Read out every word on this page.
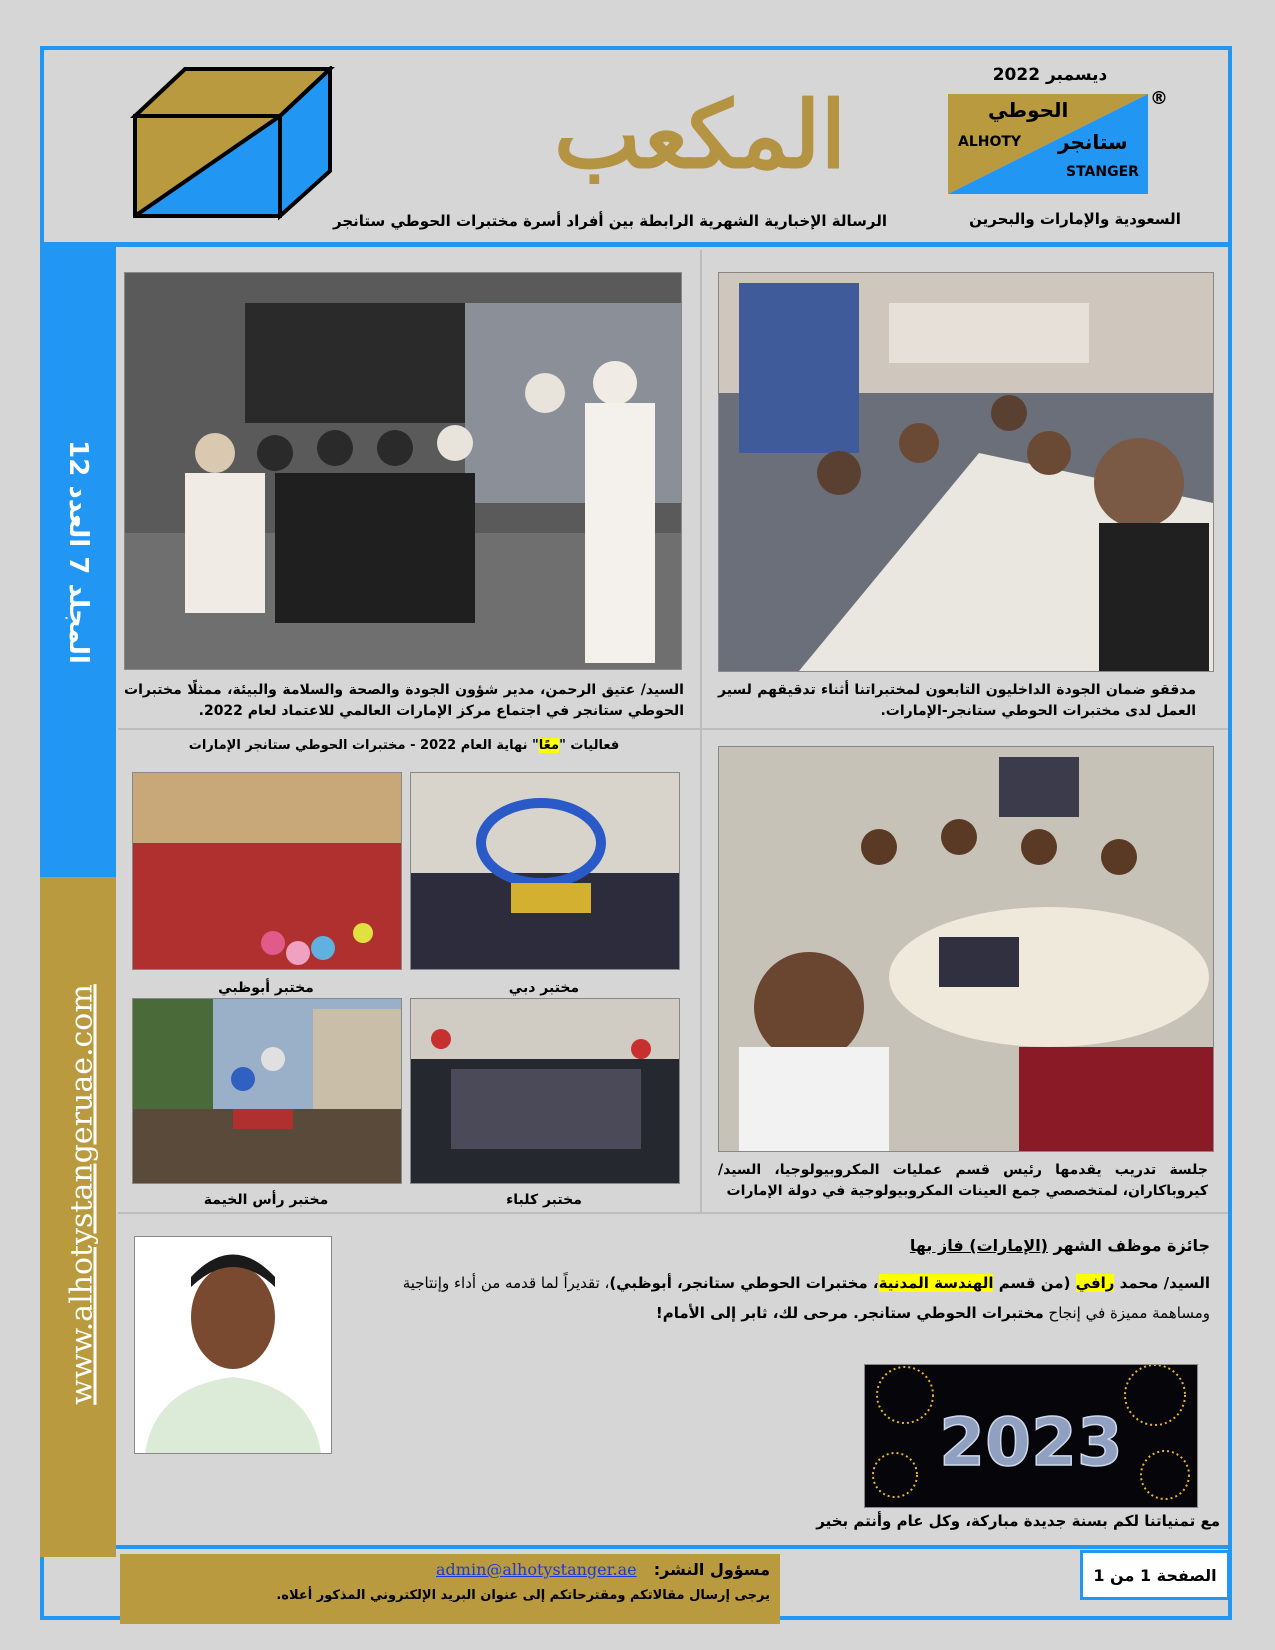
المكعب
الرسالة الإخبارية الشهرية الرابطة بين أفراد أسرة مختبرات الحوطي ستانجر
ديسمبر 2022
السعودية والإمارات والبحرين
الحوطي
ALHOTY ستانجر
STANGER
®
المجلد 7 العدد 12
www.alhotystangeruae.com
مدققو ضمان الجودة الداخليون التابعون لمختبراتنا أثناء تدقيقهم لسير العمل لدى مختبرات الحوطي ستانجر-الإمارات.
السيد/ عتيق الرحمن، مدير شؤون الجودة والصحة والسلامة والبيئة، ممثلًا مختبرات الحوطي ستانجر في اجتماع مركز الإمارات العالمي للاعتماد لعام 2022.
جلسة تدريب يقدمها رئيس قسم عمليات المكروبيولوجيا، السيد/ كيروباكاران، لمتخصصي جمع العينات المكروبيولوجية في دولة الإمارات
فعاليات "معًا" نهاية العام 2022 - مختبرات الحوطي ستانجر الإمارات
مختبر أبوظبي	مختبر دبي
مختبر رأس الخيمة	مختبر كلباء
جائزة موظف الشهر (الإمارات) فاز بها
السيد/ محمد رافي (من قسم الهندسة المدنية، مختبرات الحوطي ستانجر، أبوظبي)، تقديراً لما قدمه من أداء وإنتاجية
ومساهمة مميزة في إنجاح مختبرات الحوطي ستانجر. مرحى لك، ثابر إلى الأمام!
2023
مع تمنياتنا لكم بسنة جديدة مباركة، وكل عام وأنتم بخير
مسؤول النشر: admin@alhotystanger.ae
يرجى إرسال مقالاتكم ومقترحاتكم إلى عنوان البريد الإلكتروني المذكور أعلاه.
الصفحة 1 من 1
